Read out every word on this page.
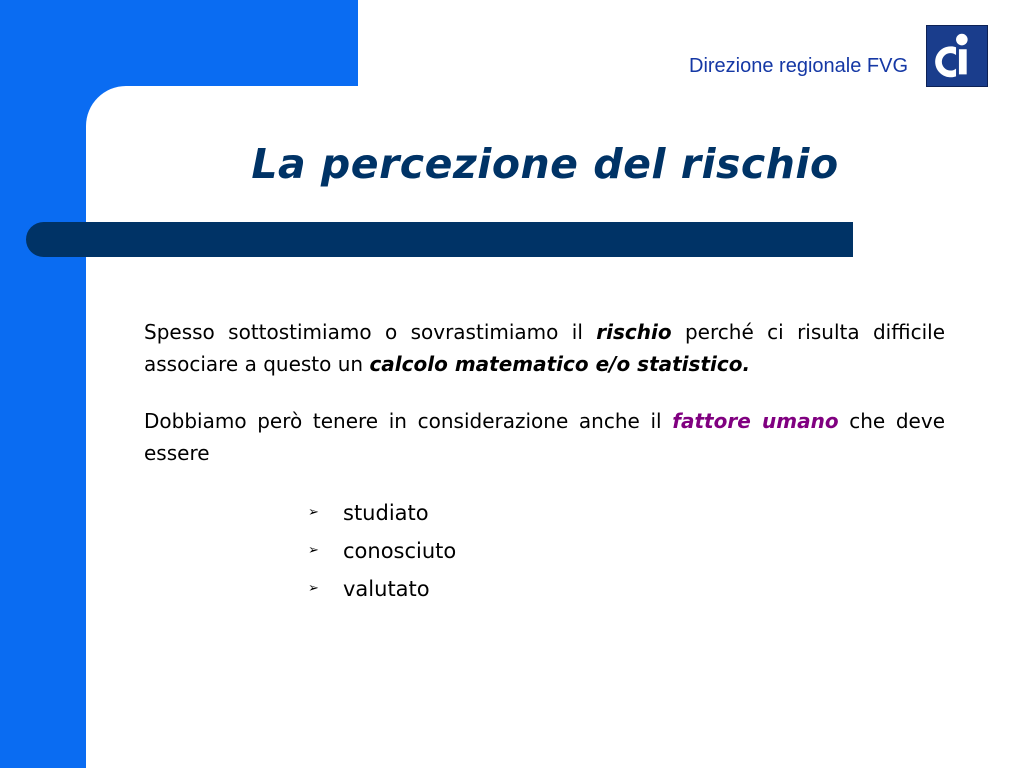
Direzione regionale FVG
La percezione del rischio

Spesso sottostimiamo o sovrastimiamo il rischio perché ci risulta difficile associare a questo un calcolo matematico e/o statistico.

Dobbiamo però tenere in considerazione anche il fattore umano che deve essere

➢	studiato
➢	conosciuto
➢	valutato
